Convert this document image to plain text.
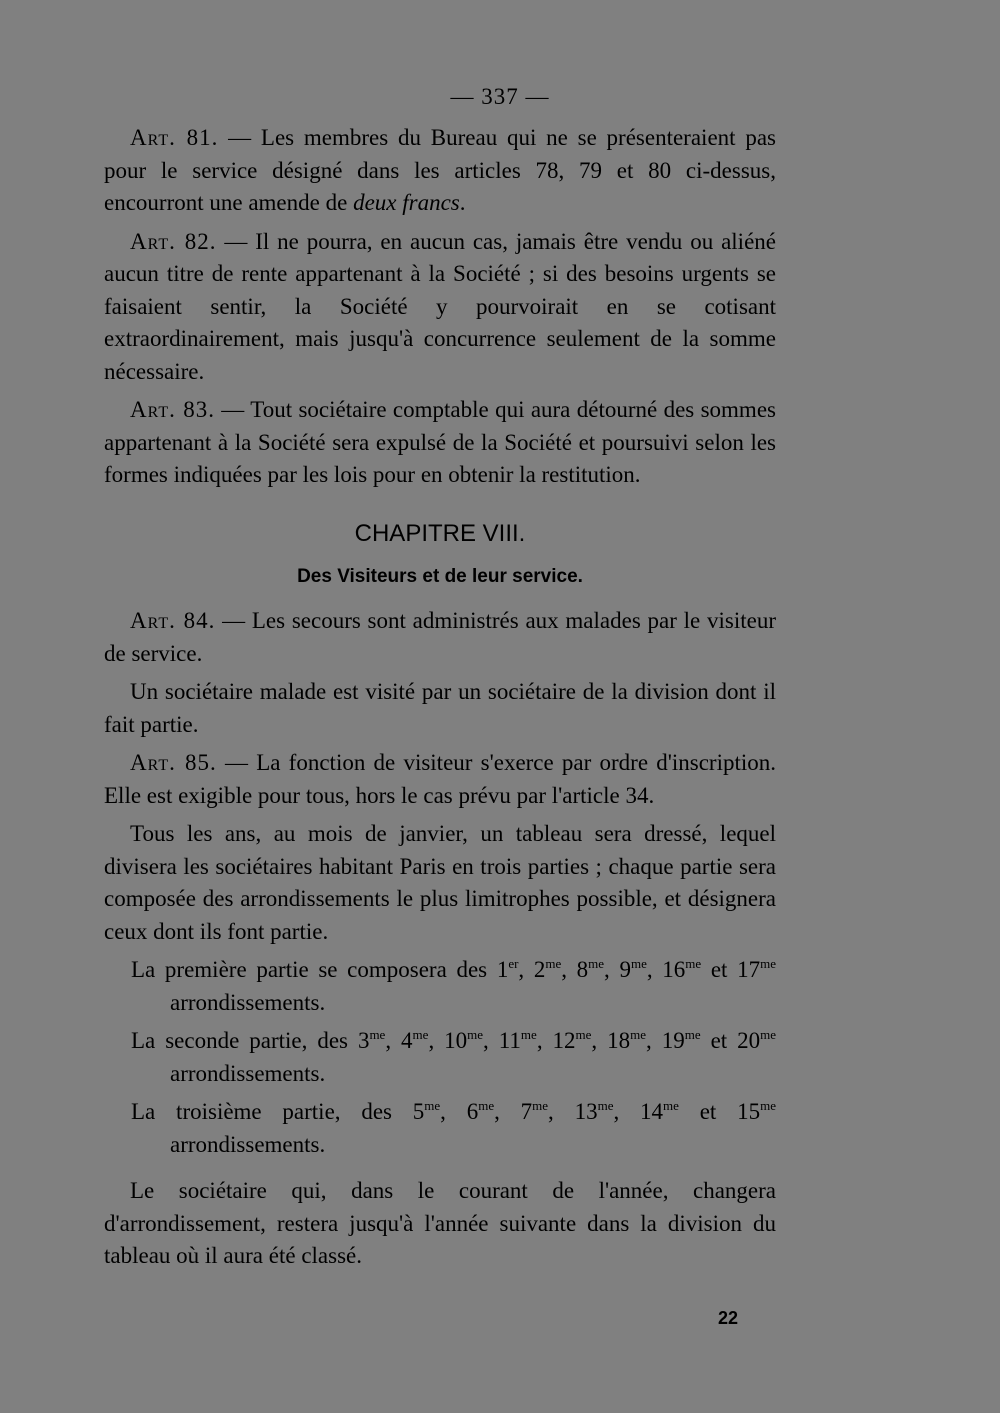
— 337 —

Art. 81. — Les membres du Bureau qui ne se présenteraient pas pour le service désigné dans les articles 78, 79 et 80 ci-dessus, encourront une amende de deux francs.

Art. 82. — Il ne pourra, en aucun cas, jamais être vendu ou aliéné aucun titre de rente appartenant à la Société ; si des besoins urgents se faisaient sentir, la Société y pourvoirait en se cotisant extraordinairement, mais jusqu'à concurrence seulement de la somme nécessaire.

Art. 83. — Tout sociétaire comptable qui aura détourné des sommes appartenant à la Société sera expulsé de la Société et poursuivi selon les formes indiquées par les lois pour en obtenir la restitution.

CHAPITRE VIII.

Des Visiteurs et de leur service.

Art. 84. — Les secours sont administrés aux malades par le visiteur de service.

Un sociétaire malade est visité par un sociétaire de la division dont il fait partie.

Art. 85. — La fonction de visiteur s'exerce par ordre d'inscription. Elle est exigible pour tous, hors le cas prévu par l'article 34.

Tous les ans, au mois de janvier, un tableau sera dressé, lequel divisera les sociétaires habitant Paris en trois parties ; chaque partie sera composée des arrondissements le plus limitrophes possible, et désignera ceux dont ils font partie.

La première partie se composera des 1er, $2^{me}$, $8^{me}$, $9^{me}$, $16^{me}$ et $17^{me}$ arrondissements.

La seconde partie, des $3^{me}$, $4^{me}$, $10^{me}$, $11^{me}$, $12^{me}$, $18^{me}$, $19^{me}$ et $20^{me}$ arrondissements.

La troisième partie, des $5^{me}$, $6^{me}$, $7^{me}$, $13^{me}$, $14^{me}$ et $15^{me}$ arrondissements.

Le sociétaire qui, dans le courant de l'année, changera d'arrondissement, restera jusqu'à l'année suivante dans la division du tableau où il aura été classé.

22
